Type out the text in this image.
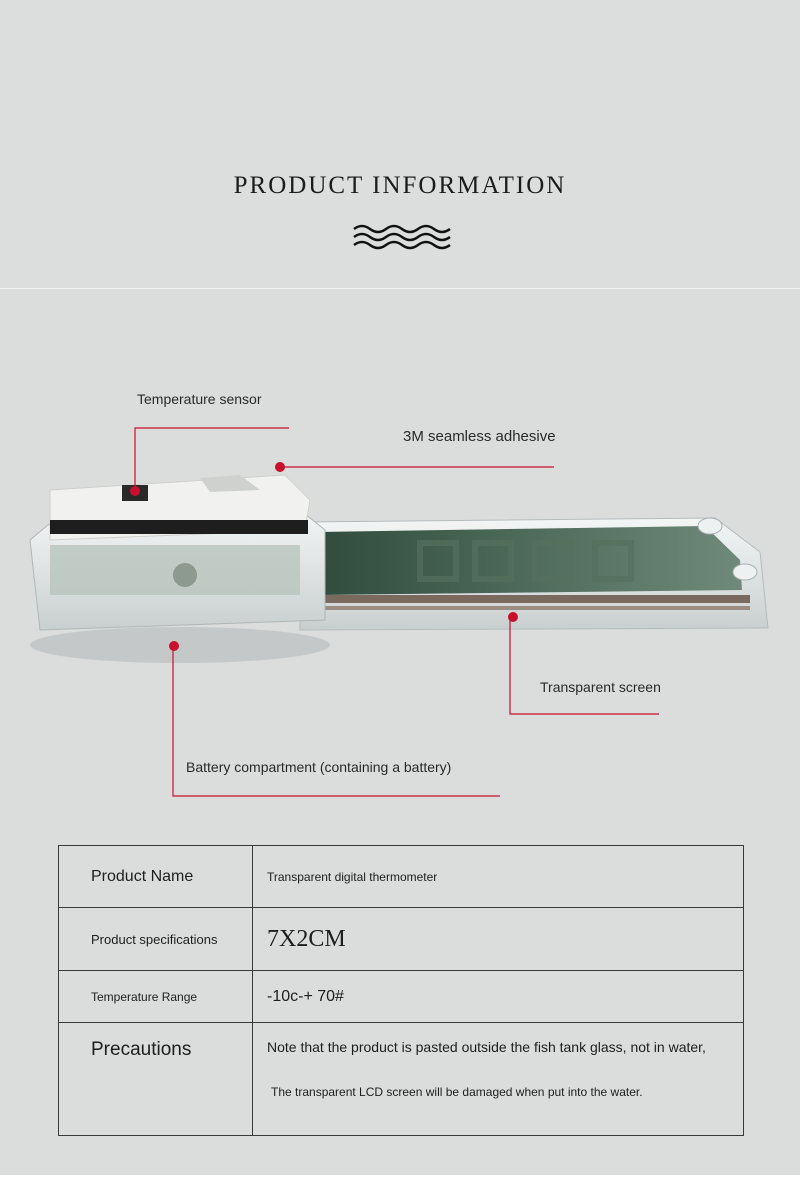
PRODUCT INFORMATION
Temperature sensor
3M seamless adhesive
Transparent screen
Battery compartment (containing a battery)
Product Name	Transparent digital thermometer
Product specifications	7X2CM
Temperature Range	-10c-+ 70#
Precautions	Note that the product is pasted outside the fish tank glass, not in water,
The transparent LCD screen will be damaged when put into the water.
